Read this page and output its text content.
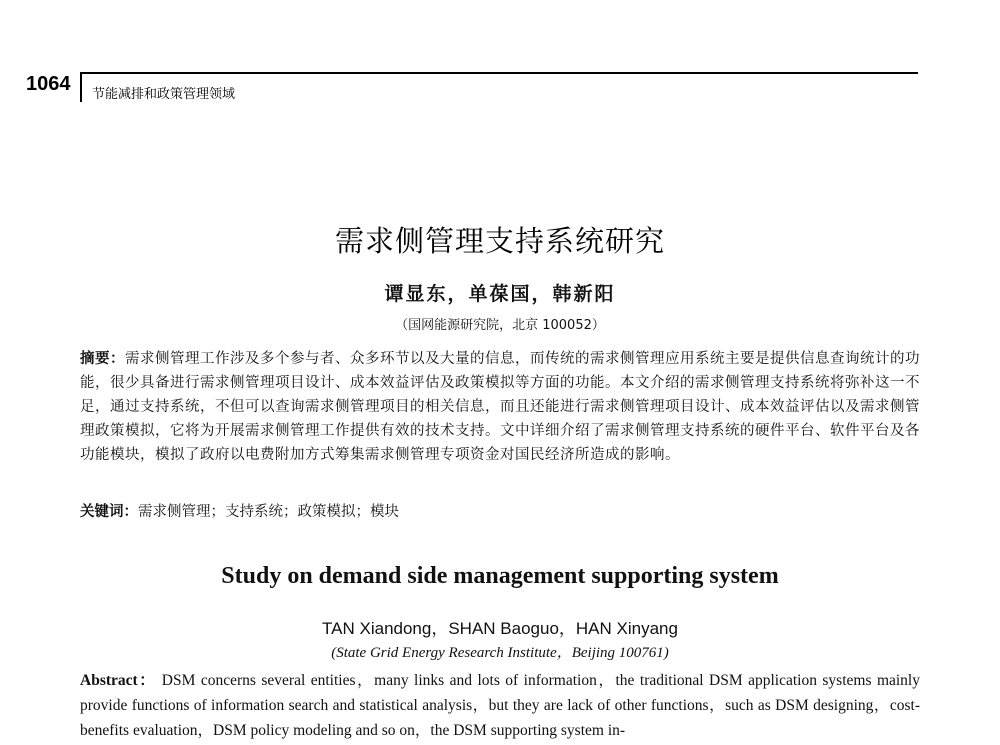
1064 节能减排和政策管理领域
需求侧管理支持系统研究
谭显东，单葆国，韩新阳
（国网能源研究院，北京 100052）
摘要：需求侧管理工作涉及多个参与者、众多环节以及大量的信息，而传统的需求侧管理应用系统主要是提供信息查询统计的功能，很少具备进行需求侧管理项目设计、成本效益评估及政策模拟等方面的功能。本文介绍的需求侧管理支持系统将弥补这一不足，通过支持系统，不但可以查询需求侧管理项目的相关信息，而且还能进行需求侧管理项目设计、成本效益评估以及需求侧管理政策模拟，它将为开展需求侧管理工作提供有效的技术支持。文中详细介绍了需求侧管理支持系统的硬件平台、软件平台及各功能模块，模拟了政府以电费附加方式筹集需求侧管理专项资金对国民经济所造成的影响。
关键词：需求侧管理；支持系统；政策模拟；模块
Study on demand side management supporting system
TAN Xiandong，SHAN Baoguo，HAN Xinyang
(State Grid Energy Research Institute，Beijing 100761)
Abstract： DSM concerns several entities，many links and lots of information，the traditional DSM application systems mainly provide functions of information search and statistical analysis，but they are lack of other functions，such as DSM designing，cost-benefits evaluation，DSM policy modeling and so on，the DSM supporting system in-
